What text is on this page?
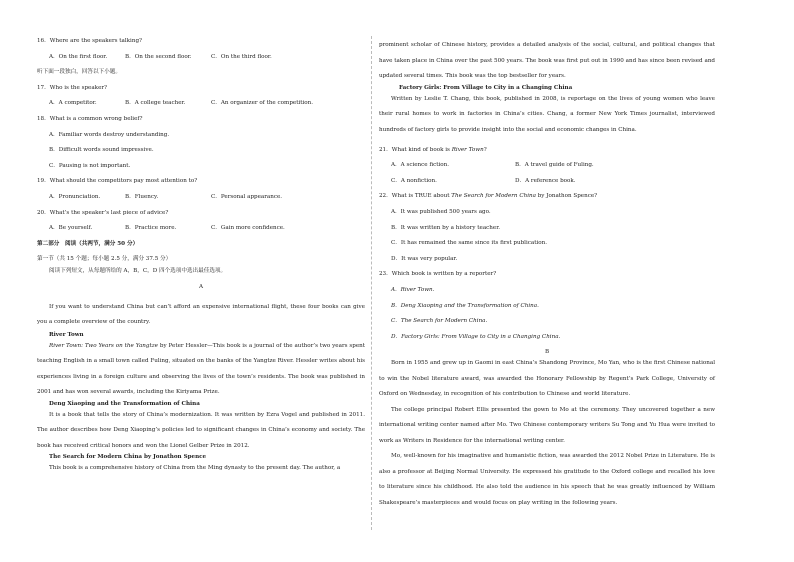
16．Where are the speakers talking?
A．On the first floor.	B．On the second floor.	C．On the third floor.
听下面一段独白，回答以下小题。
17．Who is the speaker?
A．A competitor.	B．A college teacher.	C．An organizer of the competition.
18．What is a common wrong belief?
A．Familiar words destroy understanding.
B．Difficult words sound impressive.
C．Pausing is not important.
19．What should the competitors pay most attention to?
A．Pronunciation.	B．Fluency.	C．Personal appearance.
20．What’s the speaker’s last piece of advice?
A．Be yourself.	B．Practice more.	C．Gain more confidence.
第二部分　阅读（共两节，满分 50 分）
第一节（共 15 个题；每小题 2.5 分，满分 37.5 分）
阅读下列短文，从每题所给的 A，B，C，D 四个选项中选出最佳选项。
A
If you want to understand China but can’t afford an expensive international flight, these four books can give you a complete overview of the country.
River Town
River Town: Two Years on the Yangtze by Peter Hessler—This book is a journal of the author’s two years spent teaching English in a small town called Fuling, situated on the banks of the Yangtze River. Hessler writes about his experiences living in a foreign culture and observing the lives of the town’s residents. The book was published in 2001 and has won several awards, including the Kiriyama Prize.
Deng Xiaoping and the Transformation of China
It is a book that tells the story of China’s modernization. It was written by Ezra Vogel and published in 2011. The author describes how Deng Xiaoping’s policies led to significant changes in China’s economy and society. The book has received critical honors and won the Lionel Gelber Prize in 2012.
The Search for Modern China by Jonathon Spence
This book is a comprehensive history of China from the Ming dynasty to the present day. The author, a
prominent scholar of Chinese history, provides a detailed analysis of the social, cultural, and political changes that have taken place in China over the past 500 years. The book was first put out in 1990 and has since been revised and updated several times. This book was the top bestseller for years.
Factory Girls: From Village to City in a Changing China
Written by Leslie T. Chang, this book, published in 2008, is reportage on the lives of young women who leave their rural homes to work in factories in China’s cities. Chang, a former New York Times journalist, interviewed hundreds of factory girls to provide insight into the social and economic changes in China.
21．What kind of book is River Town?
A．A science fiction.	B．A travel guide of Fuling.
C．A nonfiction.	D．A reference book.
22．What is TRUE about The Search for Modern China by Jonathon Spence?
A．It was published 500 years ago.
B．It was written by a history teacher.
C．It has remained the same since its first publication.
D．It was very popular.
23．Which book is written by a reporter?
A．River Town.
B．Deng Xiaoping and the Transformation of China.
C．The Search for Modern China.
D．Factory Girls: From Village to City in a Changing China.
B
Born in 1955 and grew up in Gaomi in east China’s Shandong Province, Mo Yan, who is the first Chinese national to win the Nobel literature award, was awarded the Honorary Fellowship by Regent’s Park College, University of Oxford on Wednesday, in recognition of his contribution to Chinese and world literature.
The college principal Robert Ellis presented the gown to Mo at the ceremony. They uncovered together a new international writing center named after Mo. Two Chinese contemporary writers Su Tong and Yu Hua were invited to work as Writers in Residence for the international writing center.
Mo, well-known for his imaginative and humanistic fiction, was awarded the 2012 Nobel Prize in Literature. He is also a professor at Beijing Normal University. He expressed his gratitude to the Oxford college and recalled his love to literature since his childhood. He also told the audience in his speech that he was greatly influenced by William Shakespeare’s masterpieces and would focus on play writing in the following years.
